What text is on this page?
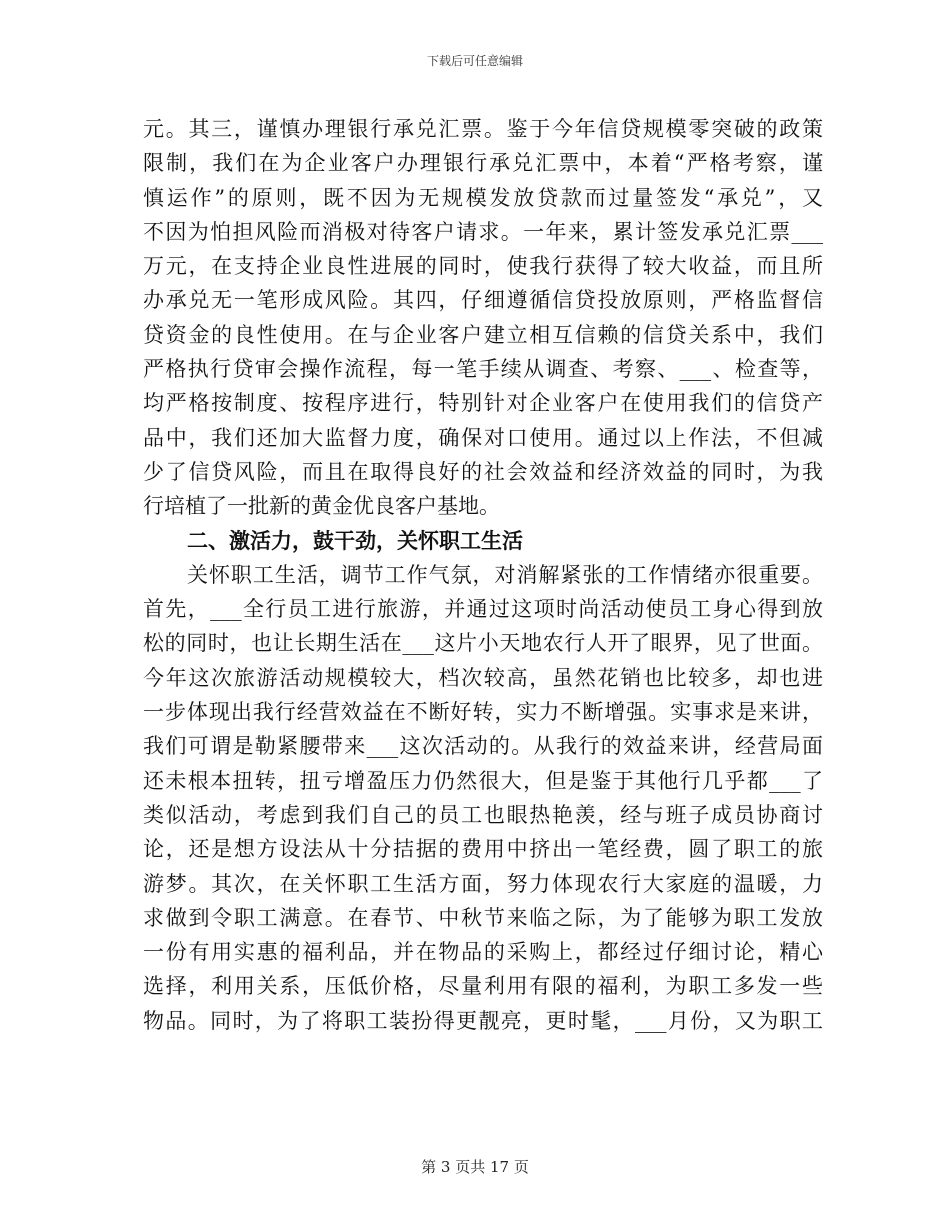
下载后可任意编辑
元。其三，谨慎办理银行承兑汇票。鉴于今年信贷规模零突破的政策
限制，我们在为企业客户办理银行承兑汇票中，本着“严格考察，谨
慎运作”的原则，既不因为无规模发放贷款而过量签发“承兑”，又
不因为怕担风险而消极对待客户请求。一年来，累计签发承兑汇票___
万元，在支持企业良性进展的同时，使我行获得了较大收益，而且所
办承兑无一笔形成风险。其四，仔细遵循信贷投放原则，严格监督信
贷资金的良性使用。在与企业客户建立相互信赖的信贷关系中，我们
严格执行贷审会操作流程，每一笔手续从调查、考察、___、检查等，
均严格按制度、按程序进行，特别针对企业客户在使用我们的信贷产
品中，我们还加大监督力度，确保对口使用。通过以上作法，不但减
少了信贷风险，而且在取得良好的社会效益和经济效益的同时，为我
行培植了一批新的黄金优良客户基地。
二、激活力，鼓干劲，关怀职工生活
关怀职工生活，调节工作气氛，对消解紧张的工作情绪亦很重要。
首先，___全行员工进行旅游，并通过这项时尚活动使员工身心得到放
松的同时，也让长期生活在___这片小天地农行人开了眼界，见了世面。
今年这次旅游活动规模较大，档次较高，虽然花销也比较多，却也进
一步体现出我行经营效益在不断好转，实力不断增强。实事求是来讲，
我们可谓是勒紧腰带来___这次活动的。从我行的效益来讲，经营局面
还未根本扭转，扭亏增盈压力仍然很大，但是鉴于其他行几乎都___了
类似活动，考虑到我们自己的员工也眼热艳羡，经与班子成员协商讨
论，还是想方设法从十分拮据的费用中挤出一笔经费，圆了职工的旅
游梦。其次，在关怀职工生活方面，努力体现农行大家庭的温暖，力
求做到令职工满意。在春节、中秋节来临之际，为了能够为职工发放
一份有用实惠的福利品，并在物品的采购上，都经过仔细讨论，精心
选择，利用关系，压低价格，尽量利用有限的福利，为职工多发一些
物品。同时，为了将职工装扮得更靓亮，更时髦，___月份，又为职工
第 3 页共 17 页
